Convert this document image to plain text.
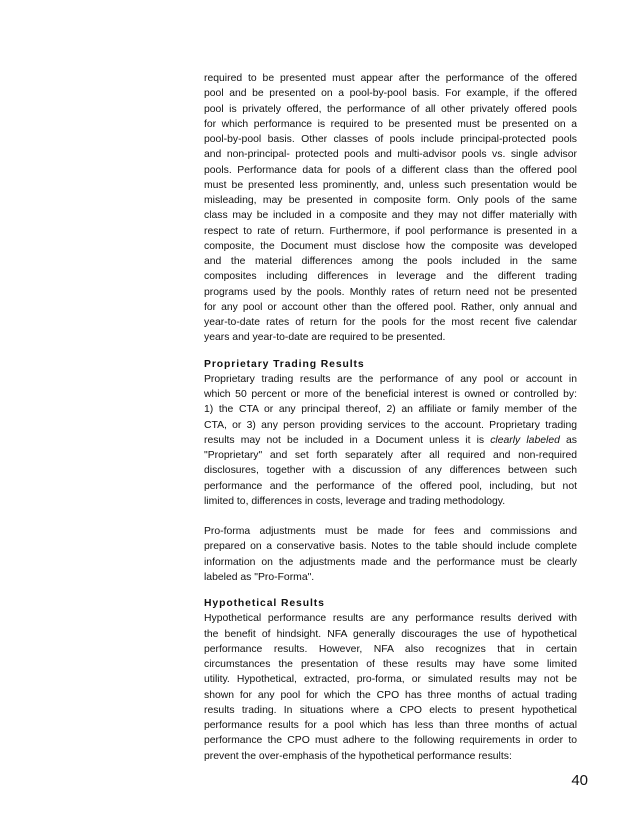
required to be presented must appear after the performance of the offered
pool and be presented on a pool-by-pool basis. For example, if the offered
pool is privately offered, the performance of all other privately offered pools
for which performance is required to be presented must be presented on a
pool-by-pool basis. Other classes of pools include principal-protected pools
and non-principal- protected pools and multi-advisor pools vs. single advisor
pools. Performance data for pools of a different class than the offered pool
must be presented less prominently, and, unless such presentation would be
misleading, may be presented in composite form. Only pools of the same
class may be included in a composite and they may not differ materially with
respect to rate of return. Furthermore, if pool performance is presented in a
composite, the Document must disclose how the composite was developed
and the material differences among the pools included in the same
composites including differences in leverage and the different trading
programs used by the pools. Monthly rates of return need not be presented
for any pool or account other than the offered pool. Rather, only annual and
year-to-date rates of return for the pools for the most recent five calendar
years and year-to-date are required to be presented.
Proprietary Trading Results
Proprietary trading results are the performance of any pool or account in
which 50 percent or more of the beneficial interest is owned or controlled by:
1) the CTA or any principal thereof, 2) an affiliate or family member of the
CTA, or 3) any person providing services to the account. Proprietary trading
results may not be included in a Document unless it is clearly labeled as
"Proprietary" and set forth separately after all required and non-required
disclosures, together with a discussion of any differences between such
performance and the performance of the offered pool, including, but not
limited to, differences in costs, leverage and trading methodology.
Pro-forma adjustments must be made for fees and commissions and
prepared on a conservative basis. Notes to the table should include complete
information on the adjustments made and the performance must be clearly
labeled as "Pro-Forma".
Hypothetical Results
Hypothetical performance results are any performance results derived with
the benefit of hindsight. NFA generally discourages the use of hypothetical
performance results. However, NFA also recognizes that in certain
circumstances the presentation of these results may have some limited
utility. Hypothetical, extracted, pro-forma, or simulated results may not be
shown for any pool for which the CPO has three months of actual trading
results trading. In situations where a CPO elects to present hypothetical
performance results for a pool which has less than three months of actual
performance the CPO must adhere to the following requirements in order to
prevent the over-emphasis of the hypothetical performance results:
40
